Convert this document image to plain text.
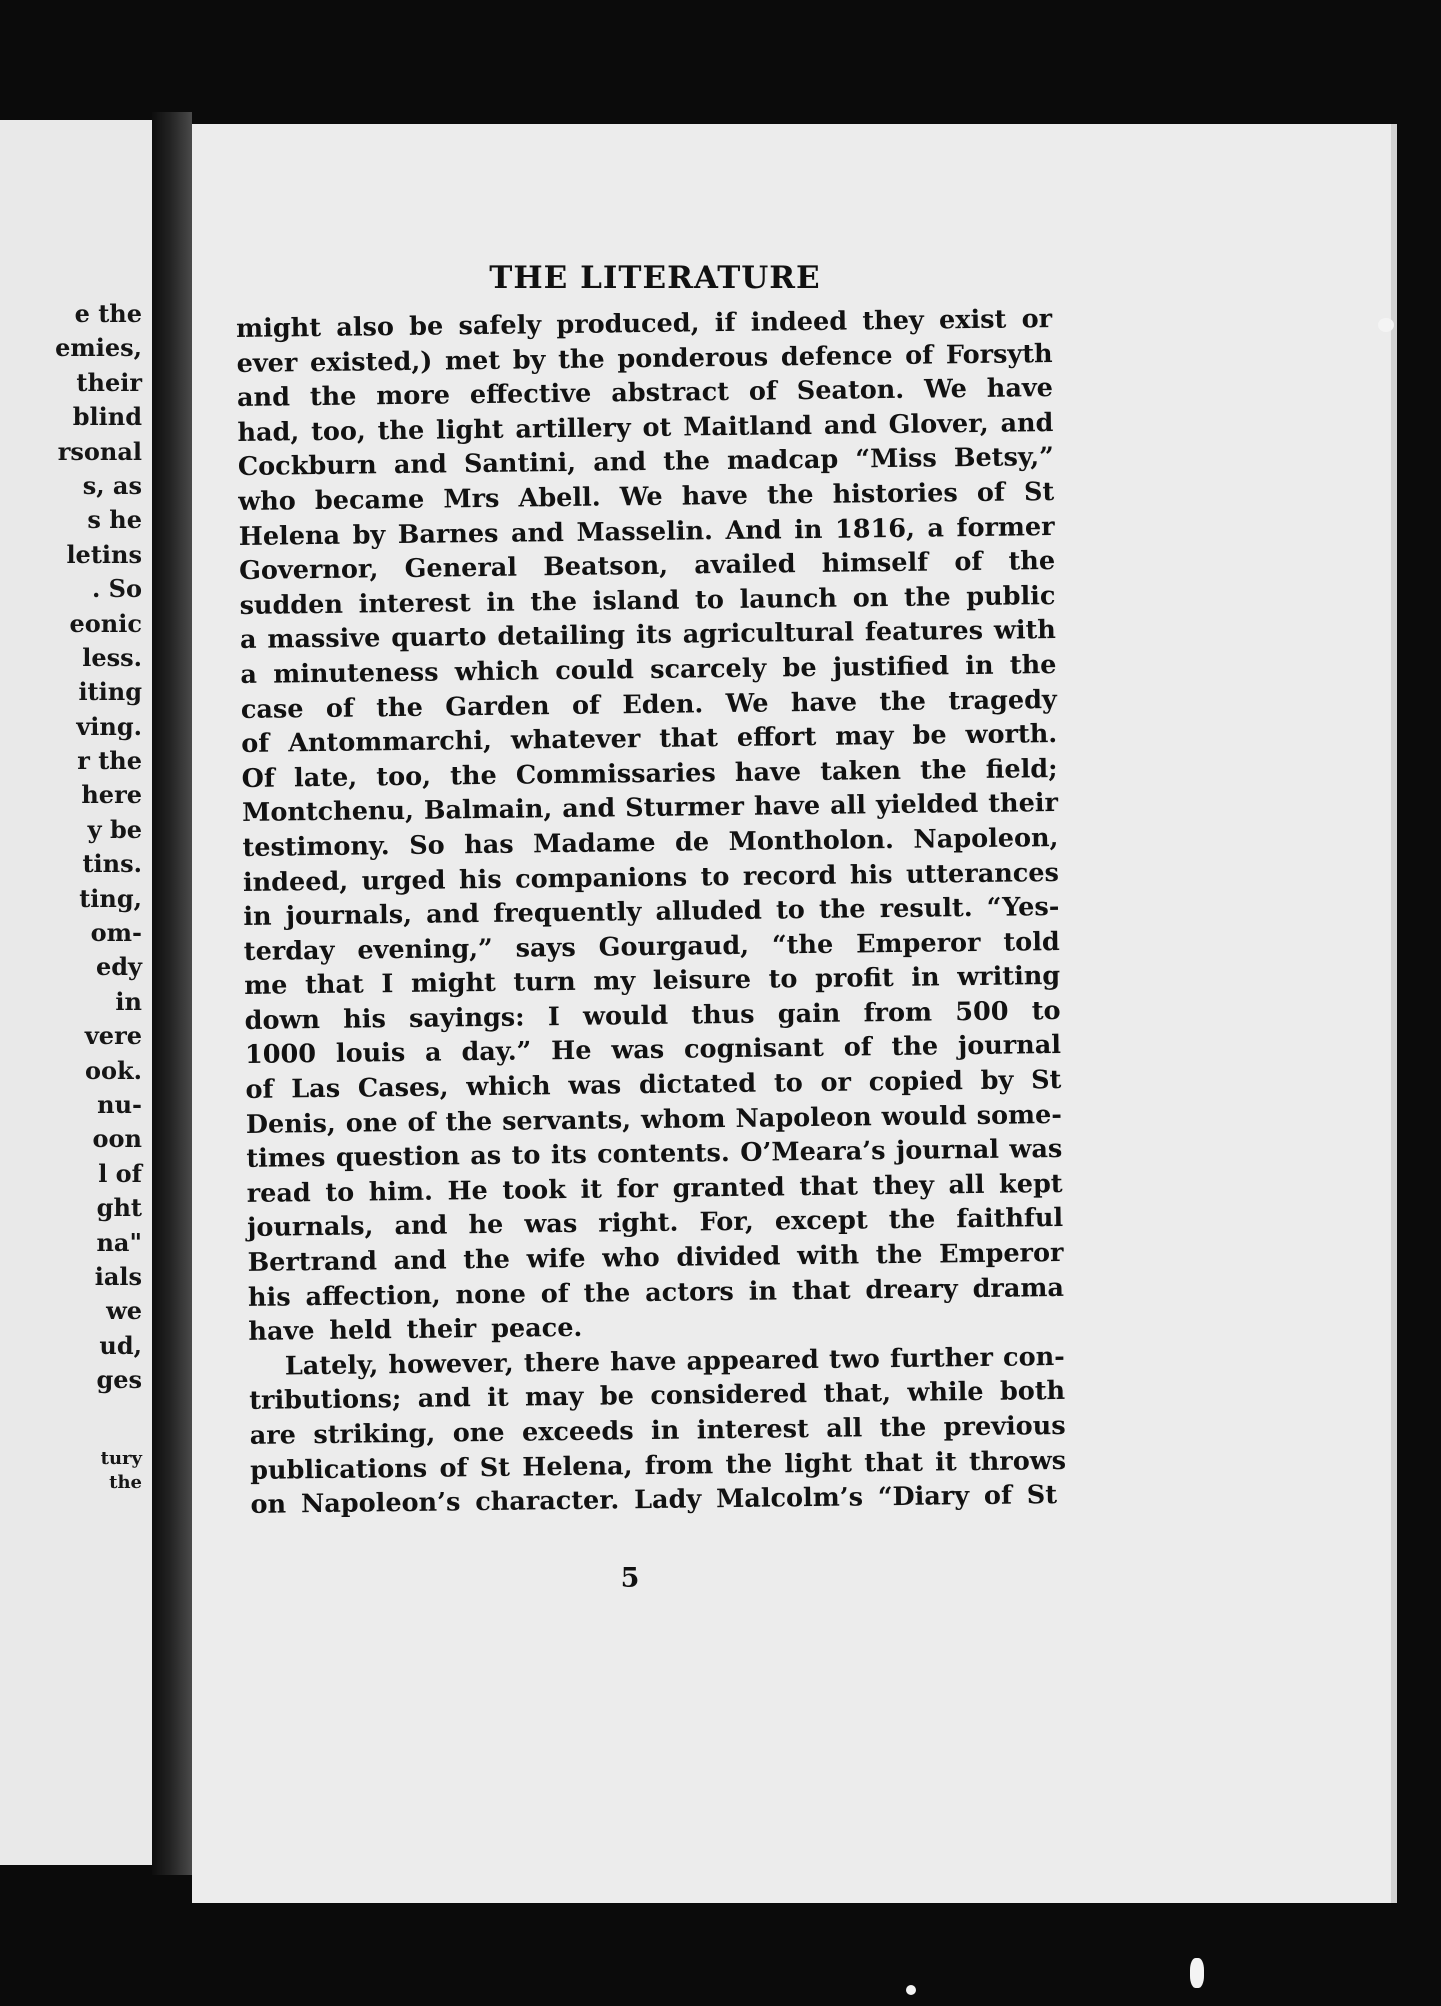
e the
emies,
their
blind
rsonal
s, as
s he
letins
. So
eonic
less.
iting
ving.
r the
here
y be
tins.
ting,
om-
edy
in
vere
ook.
nu-
oon
l of
ght
na"
ials
we
ud,
ges
tury
the
THE LITERATURE
might also be safely produced, if indeed they exist or
ever existed,) met by the ponderous defence of Forsyth
and the more effective abstract of Seaton. We have
had, too, the light artillery ot Maitland and Glover, and
Cockburn and Santini, and the madcap “Miss Betsy,”
who became Mrs Abell. We have the histories of St
Helena by Barnes and Masselin. And in 1816, a former
Governor, General Beatson, availed himself of the
sudden interest in the island to launch on the public
a massive quarto detailing its agricultural features with
a minuteness which could scarcely be justified in the
case of the Garden of Eden. We have the tragedy
of Antommarchi, whatever that effort may be worth.
Of late, too, the Commissaries have taken the field;
Montchenu, Balmain, and Sturmer have all yielded their
testimony. So has Madame de Montholon. Napoleon,
indeed, urged his companions to record his utterances
in journals, and frequently alluded to the result. “Yes-
terday evening,” says Gourgaud, “the Emperor told
me that I might turn my leisure to profit in writing
down his sayings: I would thus gain from 500 to
1000 louis a day.” He was cognisant of the journal
of Las Cases, which was dictated to or copied by St
Denis, one of the servants, whom Napoleon would some-
times question as to its contents. O’Meara’s journal was
read to him. He took it for granted that they all kept
journals, and he was right. For, except the faithful
Bertrand and the wife who divided with the Emperor
his affection, none of the actors in that dreary drama
have held their peace.
Lately, however, there have appeared two further con-
tributions; and it may be considered that, while both
are striking, one exceeds in interest all the previous
publications of St Helena, from the light that it throws
on Napoleon’s character. Lady Malcolm’s “Diary of St
5
